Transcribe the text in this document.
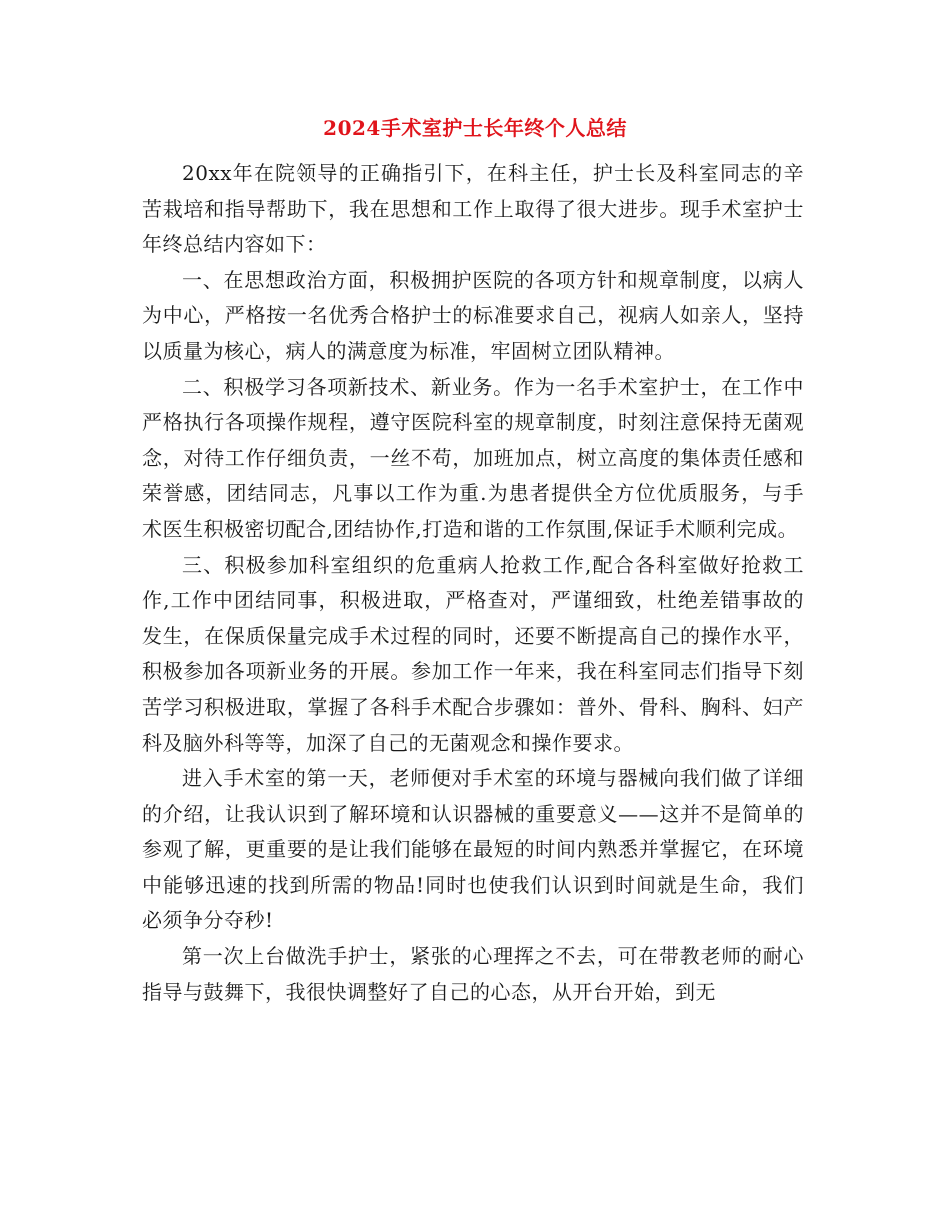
2024手术室护士长年终个人总结

20xx年在院领导的正确指引下，在科主任，护士长及科室同志的辛苦栽培和指导帮助下，我在思想和工作上取得了很大进步。现手术室护士年终总结内容如下：

一、在思想政治方面，积极拥护医院的各项方针和规章制度，以病人为中心，严格按一名优秀合格护士的标准要求自己，视病人如亲人，坚持以质量为核心，病人的满意度为标准，牢固树立团队精神。

二、积极学习各项新技术、新业务。作为一名手术室护士，在工作中严格执行各项操作规程，遵守医院科室的规章制度，时刻注意保持无菌观念，对待工作仔细负责，一丝不苟，加班加点，树立高度的集体责任感和荣誉感，团结同志，凡事以工作为重.为患者提供全方位优质服务，与手术医生积极密切配合,团结协作,打造和谐的工作氛围,保证手术顺利完成。

三、积极参加科室组织的危重病人抢救工作,配合各科室做好抢救工作,工作中团结同事，积极进取，严格查对，严谨细致，杜绝差错事故的发生，在保质保量完成手术过程的同时，还要不断提高自己的操作水平，积极参加各项新业务的开展。参加工作一年来，我在科室同志们指导下刻苦学习积极进取，掌握了各科手术配合步骤如：普外、骨科、胸科、妇产科及脑外科等等，加深了自己的无菌观念和操作要求。

进入手术室的第一天，老师便对手术室的环境与器械向我们做了详细的介绍，让我认识到了解环境和认识器械的重要意义——这并不是简单的参观了解，更重要的是让我们能够在最短的时间内熟悉并掌握它，在环境中能够迅速的找到所需的物品!同时也使我们认识到时间就是生命，我们必须争分夺秒!

第一次上台做洗手护士，紧张的心理挥之不去，可在带教老师的耐心指导与鼓舞下，我很快调整好了自己的心态，从开台开始，到无
